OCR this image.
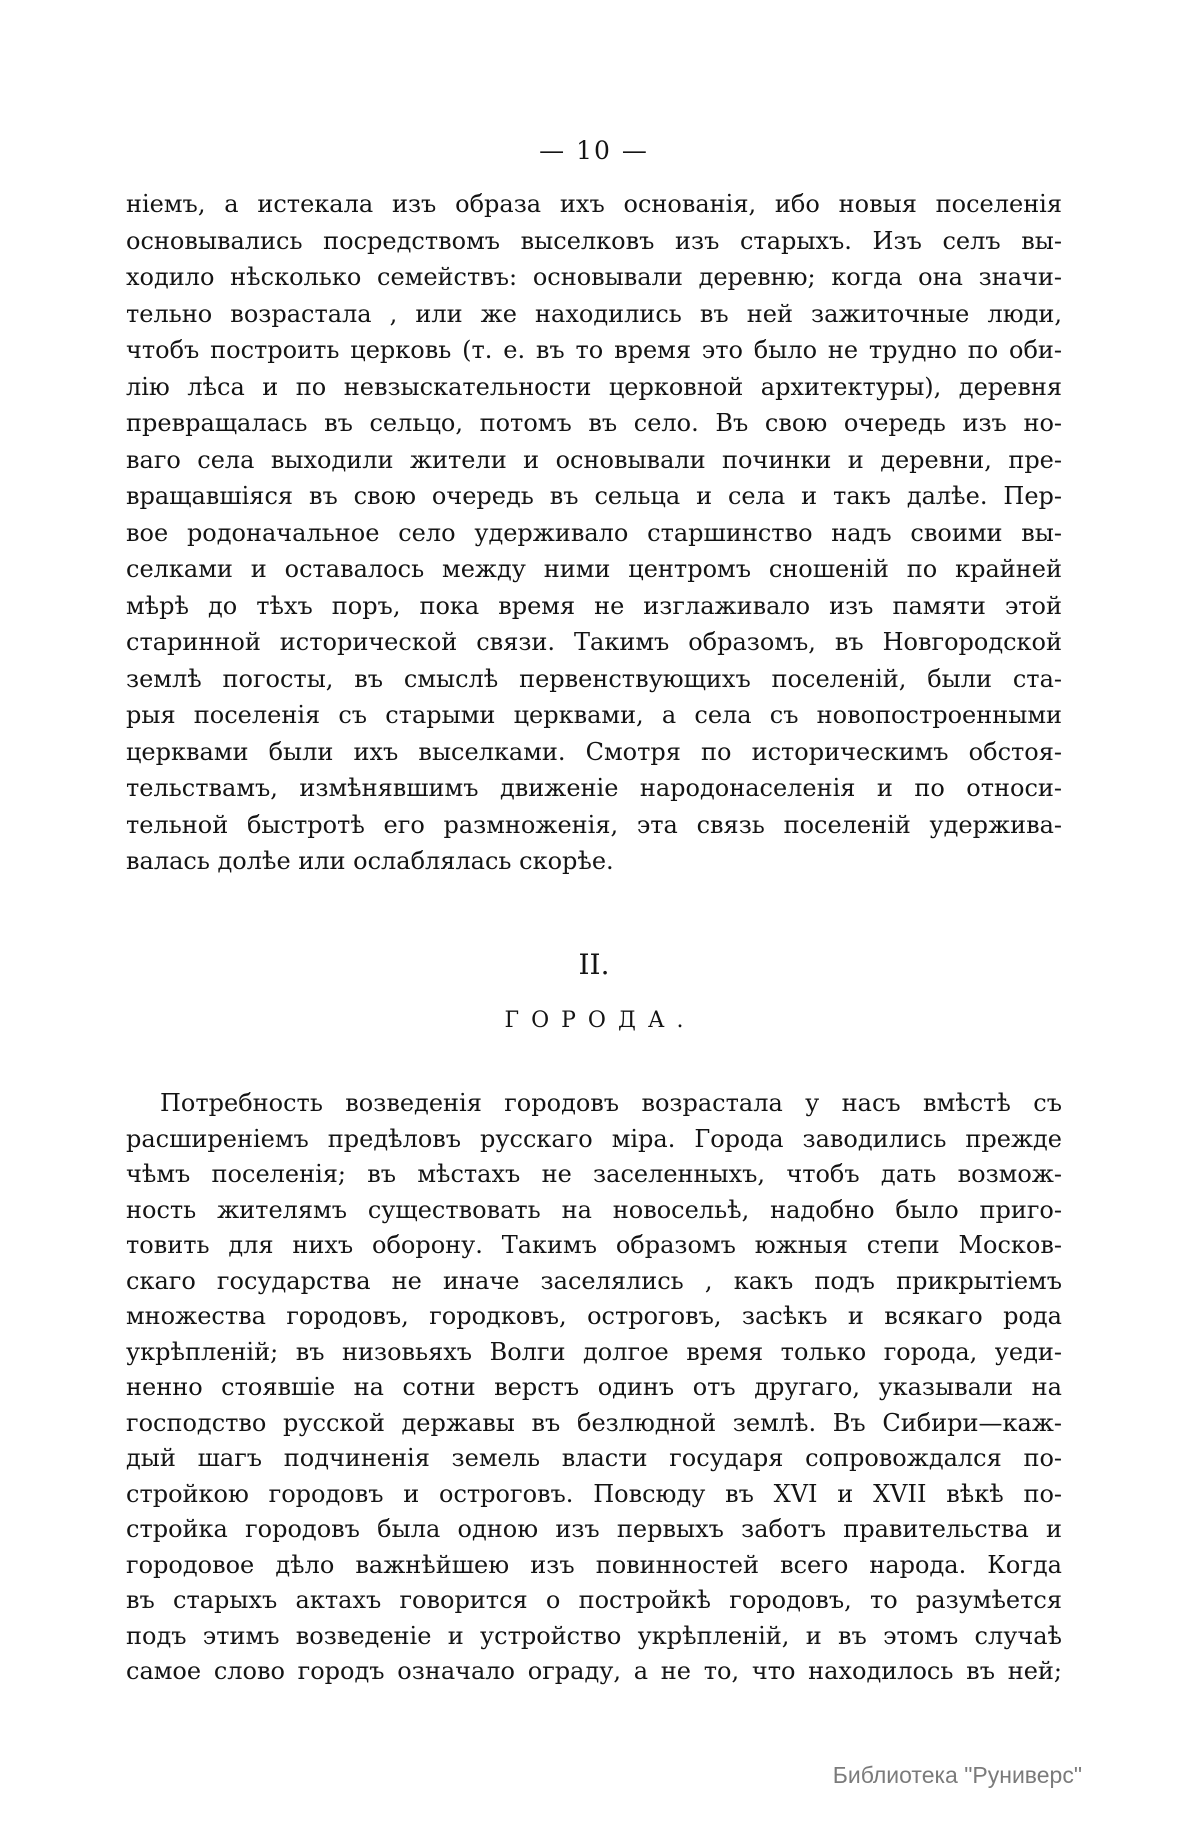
— 10 —
ніемъ, а истекала изъ образа ихъ основанія, ибо новыя поселенія
основывались посредствомъ выселковъ изъ старыхъ. Изъ селъ вы-
ходило нѣсколько семействъ: основывали деревню; когда она значи-
тельно возрастала , или же находились въ ней зажиточные люди,
чтобъ построить церковь (т. е. въ то время это было не трудно по оби-
лію лѣса и по невзыскательности церковной архитектуры), деревня
превращалась въ сельцо, потомъ въ село. Въ свою очередь изъ но-
ваго села выходили жители и основывали починки и деревни, пре-
вращавшіяся въ свою очередь въ сельца и села и такъ далѣе. Пер-
вое родоначальное село удерживало старшинство надъ своими вы-
селками и оставалось между ними центромъ сношеній по крайней
мѣрѣ до тѣхъ поръ, пока время не изглаживало изъ памяти этой
старинной исторической связи. Такимъ образомъ, въ Новгородской
землѣ погосты, въ смыслѣ первенствующихъ поселеній, были ста-
рыя поселенія съ старыми церквами, а села съ новопостроенными
церквами были ихъ выселками. Смотря по историческимъ обстоя-
тельствамъ, измѣнявшимъ движеніе народонаселенія и по относи-
тельной быстротѣ его размноженія, эта связь поселеній удержива-
валась долѣе или ослаблялась скорѣе.
II.
ГОРОДА.
Потребность возведенія городовъ возрастала у насъ вмѣстѣ съ
расширеніемъ предѣловъ русскаго міра. Города заводились прежде
чѣмъ поселенія; въ мѣстахъ не заселенныхъ, чтобъ дать возмож-
ность жителямъ существовать на новосельѣ, надобно было приго-
товить для нихъ оборону. Такимъ образомъ южныя степи Москов-
скаго государства не иначе заселялись , какъ подъ прикрытіемъ
множества городовъ, городковъ, остроговъ, засѣкъ и всякаго рода
укрѣпленій; въ низовьяхъ Волги долгое время только города, уеди-
ненно стоявшіе на сотни верстъ одинъ отъ другаго, указывали на
господство русской державы въ безлюдной землѣ. Въ Сибири—каж-
дый шагъ подчиненія земель власти государя сопровождался по-
стройкою городовъ и остроговъ. Повсюду въ XVI и XVII вѣкѣ по-
стройка городовъ была одною изъ первыхъ заботъ правительства и
городовое дѣло важнѣйшею изъ повинностей всего народа. Когда
въ старыхъ актахъ говорится о постройкѣ городовъ, то разумѣется
подъ этимъ возведеніе и устройство укрѣпленій, и въ этомъ случаѣ
самое слово городъ означало ограду, а не то, что находилось въ ней;
Библиотека "Руниверс"
